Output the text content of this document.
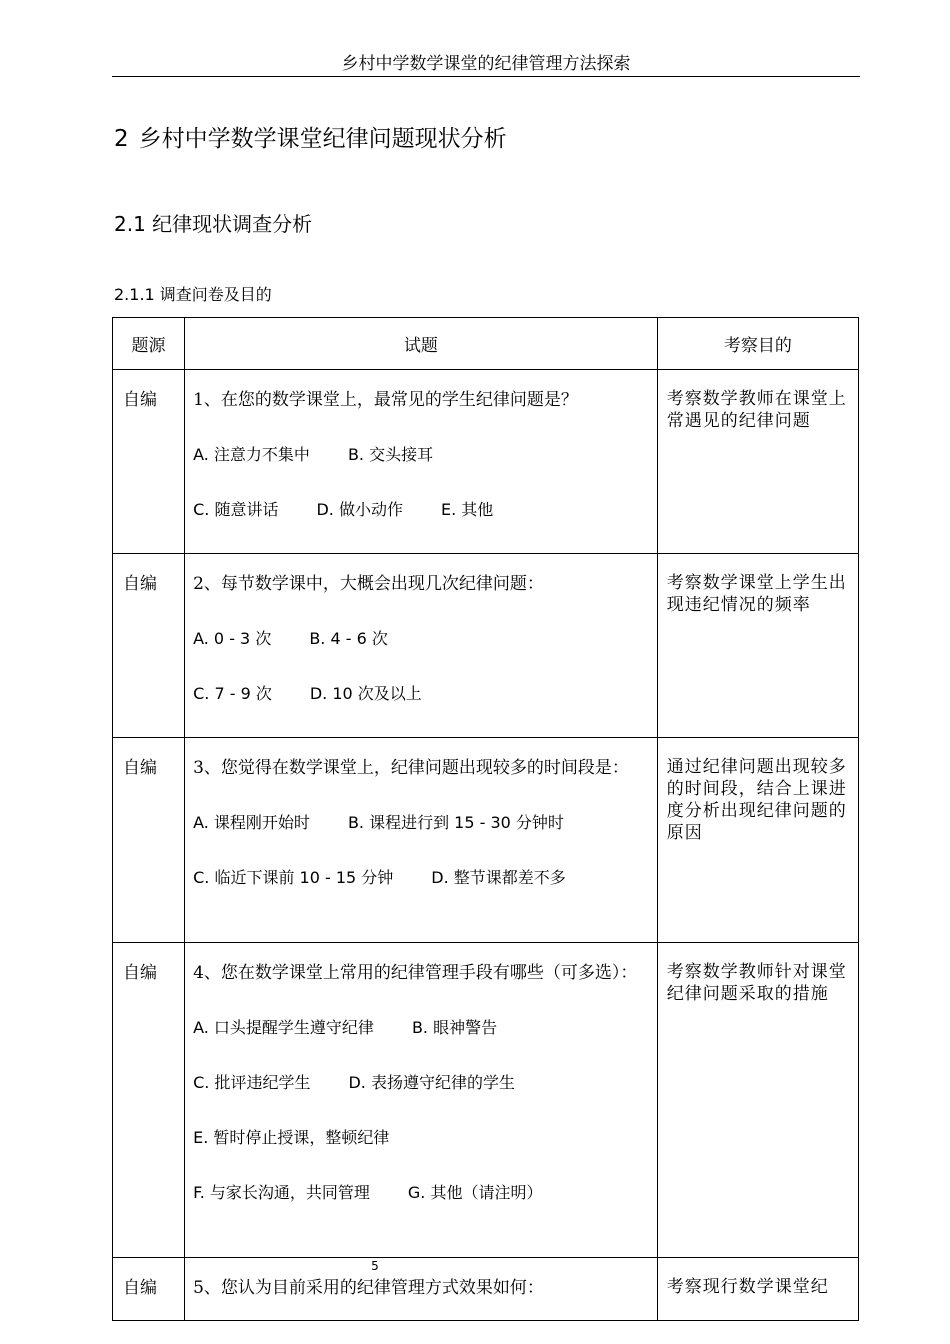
乡村中学数学课堂的纪律管理方法探索
2 乡村中学数学课堂纪律问题现状分析
2.1 纪律现状调查分析
2.1.1 调查问卷及目的
题源	试题	考察目的
自编	1、在您的数学课堂上，最常见的学生纪律问题是？

A. 注意力不集中 B. 交头接耳
C. 随意讲话 D. 做小动作 E. 其他	考察数学教师在课堂上常遇见的纪律问题
自编	2、每节数学课中，大概会出现几次纪律问题：

A. 0 - 3 次 B. 4 - 6 次
C. 7 - 9 次 D. 10 次及以上	考察数学课堂上学生出现违纪情况的频率
自编	3、您觉得在数学课堂上，纪律问题出现较多的时间段是：

A. 课程刚开始时 B. 课程进行到 15 - 30 分钟时
C. 临近下课前 10 - 15 分钟 D. 整节课都差不多	通过纪律问题出现较多的时间段，结合上课进度分析出现纪律问题的原因
自编	4、您在数学课堂上常用的纪律管理手段有哪些（可多选）：

A. 口头提醒学生遵守纪律 B. 眼神警告
C. 批评违纪学生 D. 表扬遵守纪律的学生
E. 暂时停止授课，整顿纪律
F. 与家长沟通，共同管理 G. 其他（请注明）	考察数学教师针对课堂纪律问题采取的措施
自编	5、您认为目前采用的纪律管理方式效果如何：	考察现行数学课堂纪
5
